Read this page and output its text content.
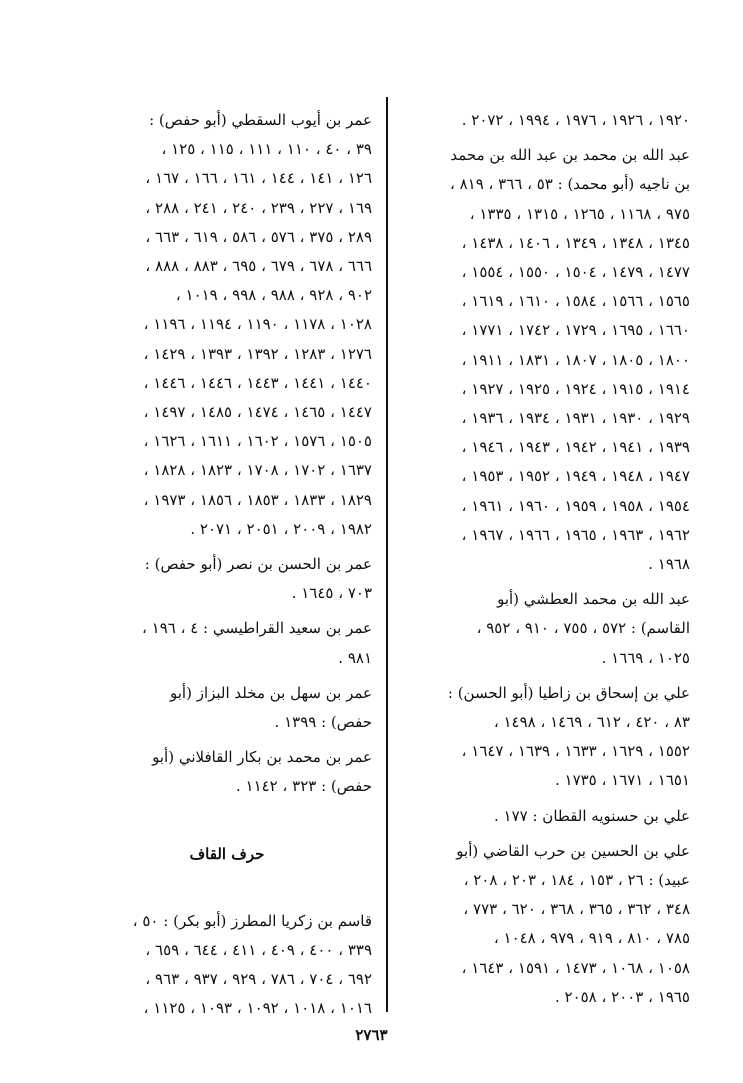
١٩٢٠ ، ١٩٢٦ ، ١٩٧٦ ، ١٩٩٤ ، ٢٠٧٢ .
عبد الله بن محمد بن عبد الله بن محمد
بن ناجيه (أبو محمد) : ٥٣ ، ٣٦٦ ، ٨١٩ ،
٩٧٥ ، ١١٦٨ ، ١٢٦٥ ، ١٣١٥ ، ١٣٣٥ ،
١٣٤٥ ، ١٣٤٨ ، ١٣٤٩ ، ١٤٠٦ ، ١٤٣٨ ،
١٤٧٧ ، ١٤٧٩ ، ١٥٠٤ ، ١٥٥٠ ، ١٥٥٤ ،
١٥٦٥ ، ١٥٦٦ ، ١٥٨٤ ، ١٦١٠ ، ١٦١٩ ،
١٦٦٠ ، ١٦٩٥ ، ١٧٢٩ ، ١٧٤٢ ، ١٧٧١ ،
١٨٠٠ ، ١٨٠٥ ، ١٨٠٧ ، ١٨٣١ ، ١٩١١ ،
١٩١٤ ، ١٩١٥ ، ١٩٢٤ ، ١٩٢٥ ، ١٩٢٧ ،
١٩٢٩ ، ١٩٣٠ ، ١٩٣١ ، ١٩٣٤ ، ١٩٣٦ ،
١٩٣٩ ، ١٩٤١ ، ١٩٤٢ ، ١٩٤٣ ، ١٩٤٦ ،
١٩٤٧ ، ١٩٤٨ ، ١٩٤٩ ، ١٩٥٢ ، ١٩٥٣ ،
١٩٥٤ ، ١٩٥٨ ، ١٩٥٩ ، ١٩٦٠ ، ١٩٦١ ،
١٩٦٢ ، ١٩٦٣ ، ١٩٦٥ ، ١٩٦٦ ، ١٩٦٧ ،
١٩٦٨ .
عبد الله بن محمد العطشي (أبو
القاسم) : ٥٧٢ ، ٧٥٥ ، ٩١٠ ، ٩٥٢ ،
١٠٢٥ ، ١٦٦٩ .
علي بن إسحاق بن زاطيا (أبو الحسن) :
٨٣ ، ٤٢٠ ، ٦١٢ ، ١٤٦٩ ، ١٤٩٨ ،
١٥٥٢ ، ١٦٢٩ ، ١٦٣٣ ، ١٦٣٩ ، ١٦٤٧ ،
١٦٥١ ، ١٦٧١ ، ١٧٣٥ .
علي بن حسنويه القطان : ١٧٧ .
علي بن الحسين بن حرب القاضي (أبو
عبيد) : ٢٦ ، ١٥٣ ، ١٨٤ ، ٢٠٣ ، ٢٠٨ ،
٣٤٨ ، ٣٦٢ ، ٣٦٥ ، ٣٦٨ ، ٦٢٠ ، ٧٧٣ ،
٧٨٥ ، ٨١٠ ، ٩١٩ ، ٩٧٩ ، ١٠٤٨ ،
١٠٥٨ ، ١٠٦٨ ، ١٤٧٣ ، ١٥٩١ ، ١٦٤٣ ،
١٩٦٥ ، ٢٠٠٣ ، ٢٠٥٨ .
عمر بن أيوب السقطي (أبو حفص) :
٣٩ ، ٤٠ ، ١١٠ ، ١١١ ، ١١٥ ، ١٢٥ ،
١٢٦ ، ١٤١ ، ١٤٤ ، ١٦١ ، ١٦٦ ، ١٦٧ ،
١٦٩ ، ٢٢٧ ، ٢٣٩ ، ٢٤٠ ، ٢٤١ ، ٢٨٨ ،
٢٨٩ ، ٣٧٥ ، ٥٧٦ ، ٥٨٦ ، ٦١٩ ، ٦٦٣ ،
٦٦٦ ، ٦٧٨ ، ٦٧٩ ، ٦٩٥ ، ٨٨٣ ، ٨٨٨ ،
٩٠٢ ، ٩٢٨ ، ٩٨٨ ، ٩٩٨ ، ١٠١٩ ،
١٠٢٨ ، ١١٧٨ ، ١١٩٠ ، ١١٩٤ ، ١١٩٦ ،
١٢٧٦ ، ١٢٨٣ ، ١٣٩٢ ، ١٣٩٣ ، ١٤٢٩ ،
١٤٤٠ ، ١٤٤١ ، ١٤٤٣ ، ١٤٤٦ ، ١٤٤٦ ،
١٤٤٧ ، ١٤٦٥ ، ١٤٧٤ ، ١٤٨٥ ، ١٤٩٧ ،
١٥٠٥ ، ١٥٧٦ ، ١٦٠٢ ، ١٦١١ ، ١٦٢٦ ،
١٦٣٧ ، ١٧٠٢ ، ١٧٠٨ ، ١٨٢٣ ، ١٨٢٨ ،
١٨٢٩ ، ١٨٣٣ ، ١٨٥٣ ، ١٨٥٦ ، ١٩٧٣ ،
١٩٨٢ ، ٢٠٠٩ ، ٢٠٥١ ، ٢٠٧١ .
عمر بن الحسن بن نصر (أبو حفص) :
٧٠٣ ، ١٦٤٥ .
عمر بن سعيد القراطيسي : ٤ ، ١٩٦ ،
٩٨١ .
عمر بن سهل بن مخلد البزاز (أبو
حفص) : ١٣٩٩ .
عمر بن محمد بن بكار القافلاني (أبو
حفص) : ٣٢٣ ، ١١٤٢ .
حرف القاف
قاسم بن زكريا المطرز (أبو بكر) : ٥٠ ،
٣٣٩ ، ٤٠٠ ، ٤٠٩ ، ٤١١ ، ٦٤٤ ، ٦٥٩ ،
٦٩٢ ، ٧٠٤ ، ٧٨٦ ، ٩٢٩ ، ٩٣٧ ، ٩٦٣ ،
١٠١٦ ، ١٠١٨ ، ١٠٩٢ ، ١٠٩٣ ، ١١٢٥ ،
٢٧٦٣
